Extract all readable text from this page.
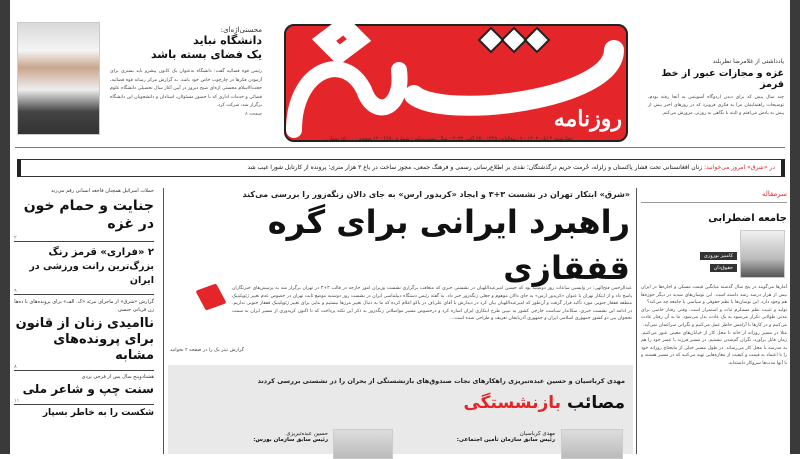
محسنی‌اژه‌ای:
دانشگاه نباید
یک فضای بسته باشد
رئیس قوه قضائیه گفت: دانشگاه به‌عنوان یک کانون پیشرو باید بستری برای آزمودن فکرها در چارچوب خاص خود باشد. به گزارش مرکز رسانه قوه قضائیه، حجت‌الاسلام محسنی اژه‌ای صبح دیروز در آیین آغاز سال تحصیلی دانشگاه علوم قضائی و خدمات اداری که با حضور مسئولان، استادان و دانشجویان این دانشگاه برگزار شد، شرکت کرد.
صفحه ۸	روزنامه
چهارشنبه ۳ آبان ۱۴۰۲ - ۹ ربیع‌الثانی ۱۴۴۵ - ۲۵ اکتبر ۲۰۲۳ - سال بیست‌ویکم - شماره ۴۶۸۰ - ۱۲ صفحه - ۱۵۰۰۰ تومان
یادداشتی از غلامرضا نظربلند
غزه و مجازات عبور از خط قرمز
چند سال پیش که برای دیدن اردوگاه آشویتس به آنجا رفته بودم، توضیحات راهنمایمان مرا به فکری فروبرد که در روزهای اخیر بیش از پیش به یادش می‌افتم و البته با نگاهی به روزتر، مرورش می‌کنم.
در «شرق» امروز می‌خوانید: زنان افغانستانی تحت فشار پاکستان و زلزله، حُرمت حریم درگذشتگان؛ نقدی بر اطلاع‌رسانی رسمی و فرهنگ جمعی، مجوز ساخت در باغ ۳ هزار متری؛ پرونده از کارتابل شورا غیب شد
حملات اسرائیل همچنان فاجعه انسانی رقم می‌زند
جنایت و حمام خون در غزه
۲
۲ «فراری» قرمز رنگ
بزرگ‌ترین رانت ورزشی در ایران
۹
گزارش «شرق» از ماجرای تبرئه «ک. الف» برای پرونده‌های با ده‌ها زن قربانی جنسی
ناامیدی زنان از قانون برای پرونده‌های مشابه
۸
هشتادوپنج سال پس از فرخی یزدی
سنت چپ و شاعر ملی
۱۱
شکست را به خاطر بسپار
«شرق» ابتکار تهران در نشست ۳+۳ و ایجاد «کریدور ارس» به جای دالان زنگه‌زور را بررسی می‌کند
راهبرد ایرانی برای گره قفقازی
عبدالرحمن فتح‌الهی: در واپسین ساعات روز دوشنبه بود که حسین امیرعبداللهیان در نشستی خبری که متعاقب برگزاری نشست وزیران امور خارجه در قالب ۳+۳ در تهران برگزار شد به پرسش‌های خبرنگاران پاسخ داد و از ابتکار تهران با عنوان «کریدور ارس» به جای دالان موهوم و جعلی زنگه‌زور خبر داد. به گفته رئیس دستگاه دیپلماسی ایران در نشست روز دوشنبه موضع ثابت تهران در خصوص عدم تغییر ژئوپلیتیک منطقه قفقاز جنوبی مورد تأکید قرار گرفت و آن‌طور که امیرعبداللهیان بیان کرد در دیدارش با آقای علی‌اف در باکو اعلام کرده که ما به دنبال تغییر مرزها نیستیم و بنایی برای تغییر ژئوپلیتیک قفقاز جنوبی نداریم. در ادامه این نشست خبری، سکاندار سیاست خارجی کشور به تبیین طرح ابتکاری ایران اشاره کرد و درخصوص مسیر مواصلاتی زنگه‌زور به ذکر این نکته پرداخت که تا اکنون کریدوری از مسیر ایران به سمت نخجوان بین دو کشور جمهوری اسلامی ایران و جمهوری آذربایجان تعریف و طراحی شده است...
گزارش تیتر یک را در صفحه ۲ بخوانید
مهدی کرباسیان و حسین عبده‌تبریزی راهکارهای نجات صندوق‌های بازنشستگی از بحران را در نشستی بررسی کردند
مصائب بازنشستگی
مهدی کرباسیان
رئیس سابق سازمان تأمین اجتماعی:
حسین عبده‌تبریزی
رئیس سابق سازمان بورس:
سرمقاله
جامعه اضطرابی
کامبیز نوروزی
حقوق‌دان

آمارها می‌گویند در پنج سال گذشته میانگین قیمت مسکن و اجاره‌ها در ایران بیش از هزار درصد رشد داشته است. این نوسان‌های شدید در دیگر حوزه‌ها هم وجود دارد. این نوسان‌ها با نظم حقوقی و سیاسی با جامعه چه می‌کند؟

تولید و تثبیت نظم مستلزم ثبات و استمرار است. وقتی رفتار خاصی برای مدتی طولانی تکرار می‌شود به یک عادت بدل می‌شود. ما به آن رفتار عادت می‌کنیم و در کارها با آرامش خاطر عمل می‌کنیم و نگرانی سراغمان نمی‌آید.

مثلا در مسیر روزانه از خانه تا محل کار از خیابان‌های معینی عبور می‌کنیم. زمان قابل برآورد، نگران گم‌شدن نیستیم. در مسیر فرزند با عصر خود را هم به مدرسه یا محل کار می‌رساند. در طول مسیر خیلی از مایحتاج روزانه خود را با اعتماد به قیمت و کیفیت از مغازه‌هایی تهیه می‌کنید که در مسیر هستند و با آنها مدت‌ها سروکار داشته‌اید.
